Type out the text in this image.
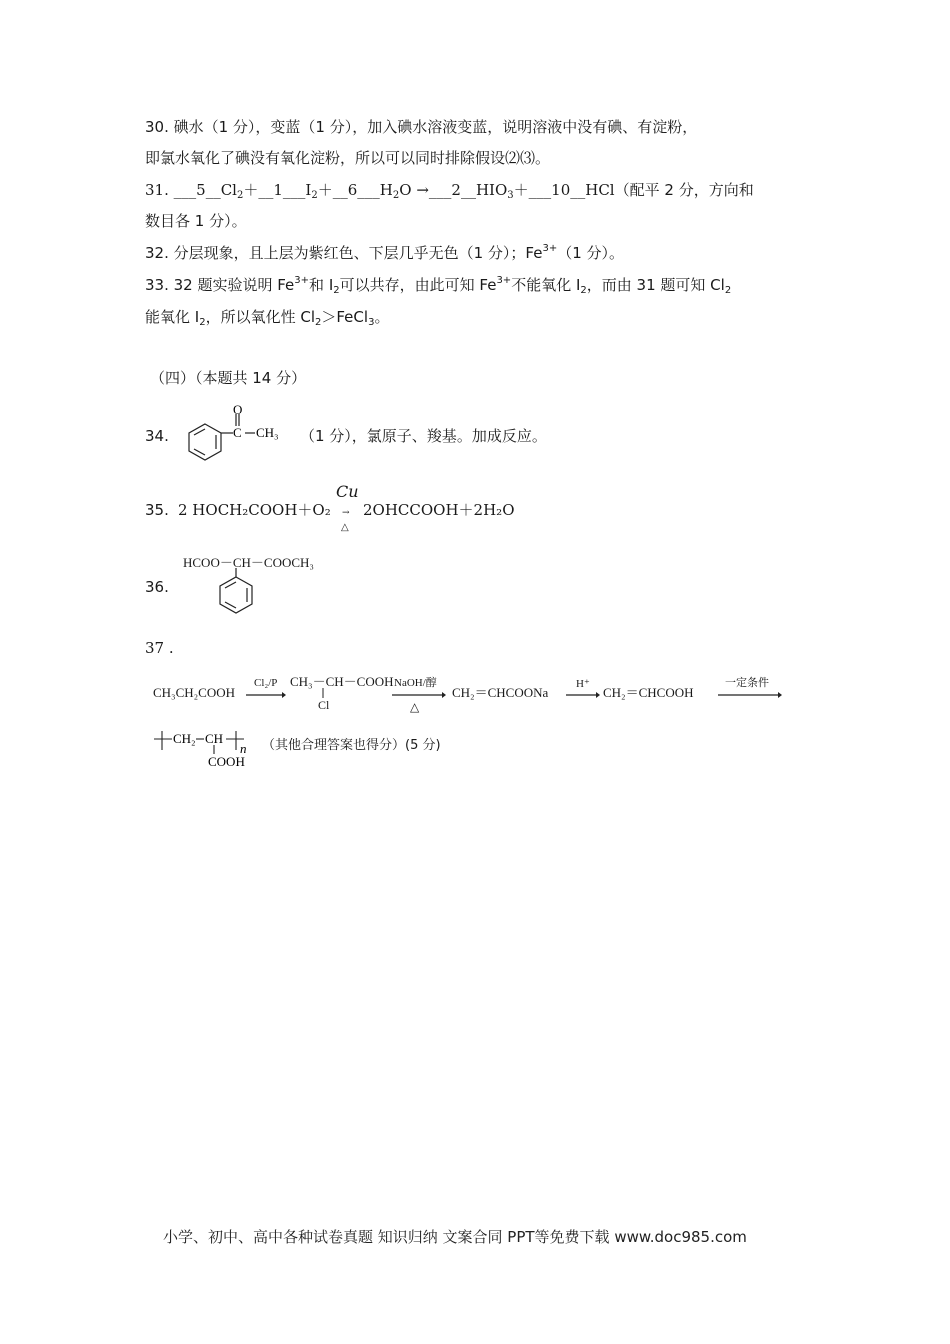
30. 碘水（1 分），变蓝（1 分），加入碘水溶液变蓝，说明溶液中没有碘、有淀粉，
即氯水氧化了碘没有氧化淀粉，所以可以同时排除假设⑵⑶。
31. $\_\_\_5\_\_Cl_2+\_\_1\_\_\_I_2+\_\_6\_\_\_H_2O$ $\to\_\_\_2\_\_HIO_3+\_\_\_10\_\_HCl$（配平 2 分，方向和
数目各 1 分）。
32. 分层现象，且上层为紫红色、下层几乎无色（1 分）；$Fe^{3+}(1$ 分）。
33. 32 题实验说明 $Fe^{3+}$和 $I_2$可以共存，由此可知 $Fe^{3+}$不能氧化 $I_2$，而由 31 题可知 $Cl_2$
能氧化 $I_2$，所以氧化性 $Cl_2>FeCl_3$。
（四）（本题共 14 分）
34.
O
C CH₃ （1 分），氯原子、羧基。加成反应。
35. 2 HOCH₂COOH＋O₂
Cu
→
△
2OHCCOOH＋2H₂O
36.
HCOO－CH－COOCH₃
37 .
CH₃CH₂COOH
Cl₂/P CH₃－CH－COOH
Cl
NaOH/醇
△
CH₂＝CHCOONa
H⁺
CH₂＝CHCOOH
一定条件
CH₂ CH
n
COOH
（其他合理答案也得分）(5 分)
小学、初中、高中各种试卷真题 知识归纳 文案合同 PPT等免费下载 www.doc985.com
